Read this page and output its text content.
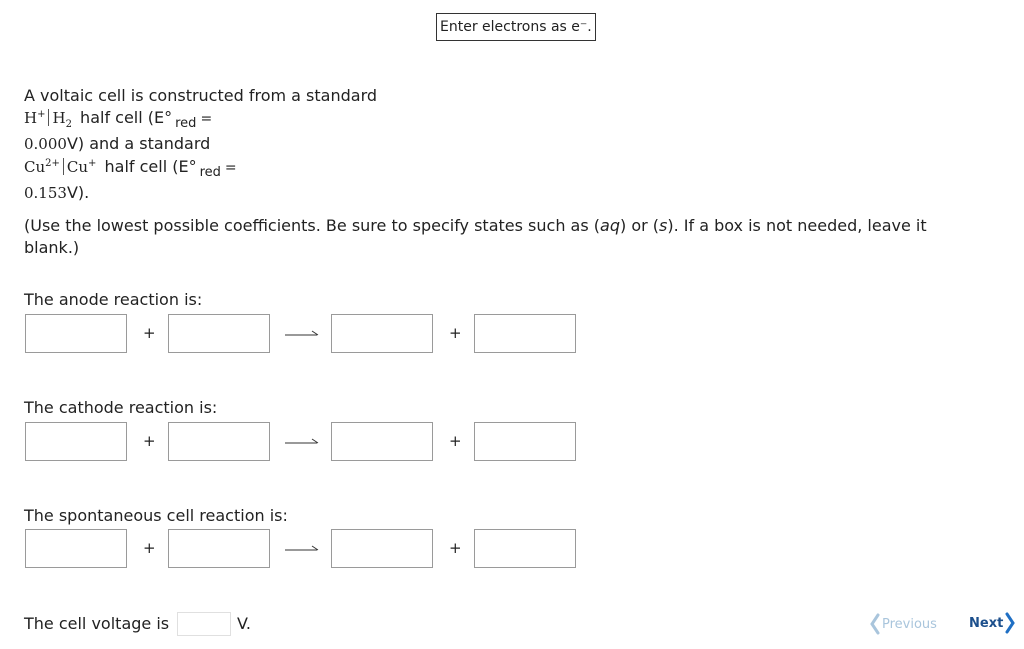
Enter electrons as e⁻.
A voltaic cell is constructed from a standard
H+ $H_2$ half cell (E° $_{red}$ =
0.000V) and a standard
$Cu^{2+}$ Cu+ half cell (E° $_{red}$ =
0.153V).
(Use the lowest possible coefficients. Be sure to specify states such as (aq) or (s). If a box is not needed, leave it blank.)
The anode reaction is:
+	+
The cathode reaction is:
+	+
The spontaneous cell reaction is:
+	+
The cell voltage is	V.	Previous Next
